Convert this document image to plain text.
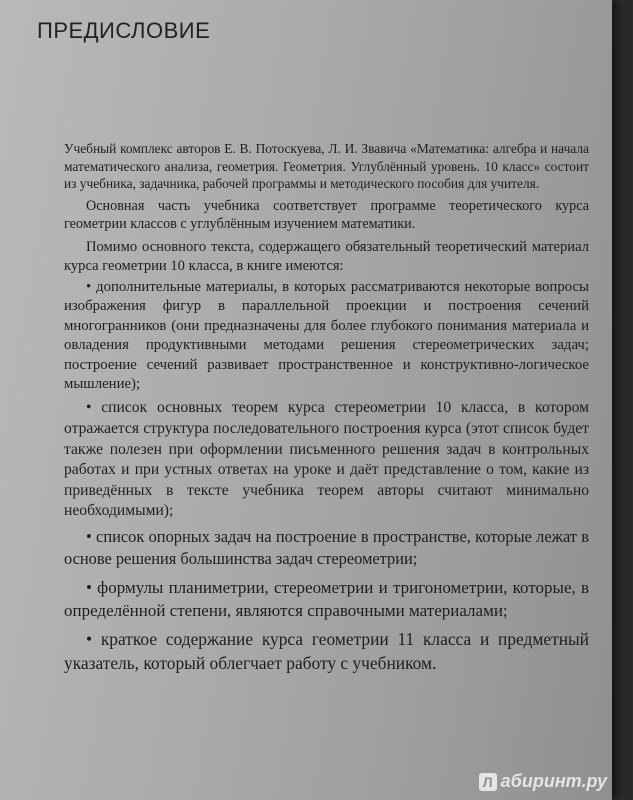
ПРЕДИСЛОВИЕ

Учебный комплекс авторов Е. В. Потоскуева, Л. И. Звавича «Математика: алгебра и начала математического анализа, геометрия. Геометрия. Углублённый уровень. 10 класс» состоит из учебника, задачника, рабочей программы и методического пособия для учителя.

Основная часть учебника соответствует программе теоретического курса геометрии классов с углублённым изучением математики.

Помимо основного текста, содержащего обязательный теоретический материал курса геометрии 10 класса, в книге имеются:

• дополнительные материалы, в которых рассматриваются некоторые вопросы изображения фигур в параллельной проекции и построения сечений многогранников (они предназначены для более глубокого понимания материала и овладения продуктивными методами решения стереометрических задач; построение сечений развивает пространственное и конструктивно-логическое мышление);

• список основных теорем курса стереометрии 10 класса, в котором отражается структура последовательного построения курса (этот список будет также полезен при оформлении письменного решения задач в контрольных работах и при устных ответах на уроке и даёт представление о том, какие из приведённых в тексте учебника теорем авторы считают минимально необходимыми);

• список опорных задач на построение в пространстве, которые лежат в основе решения большинства задач стереометрии;

• формулы планиметрии, стереометрии и тригонометрии, которые, в определённой степени, являются справочными материалами;

• краткое содержание курса геометрии 11 класса и предметный указатель, который облегчает работу с учебником.

Л абиринт.ру
